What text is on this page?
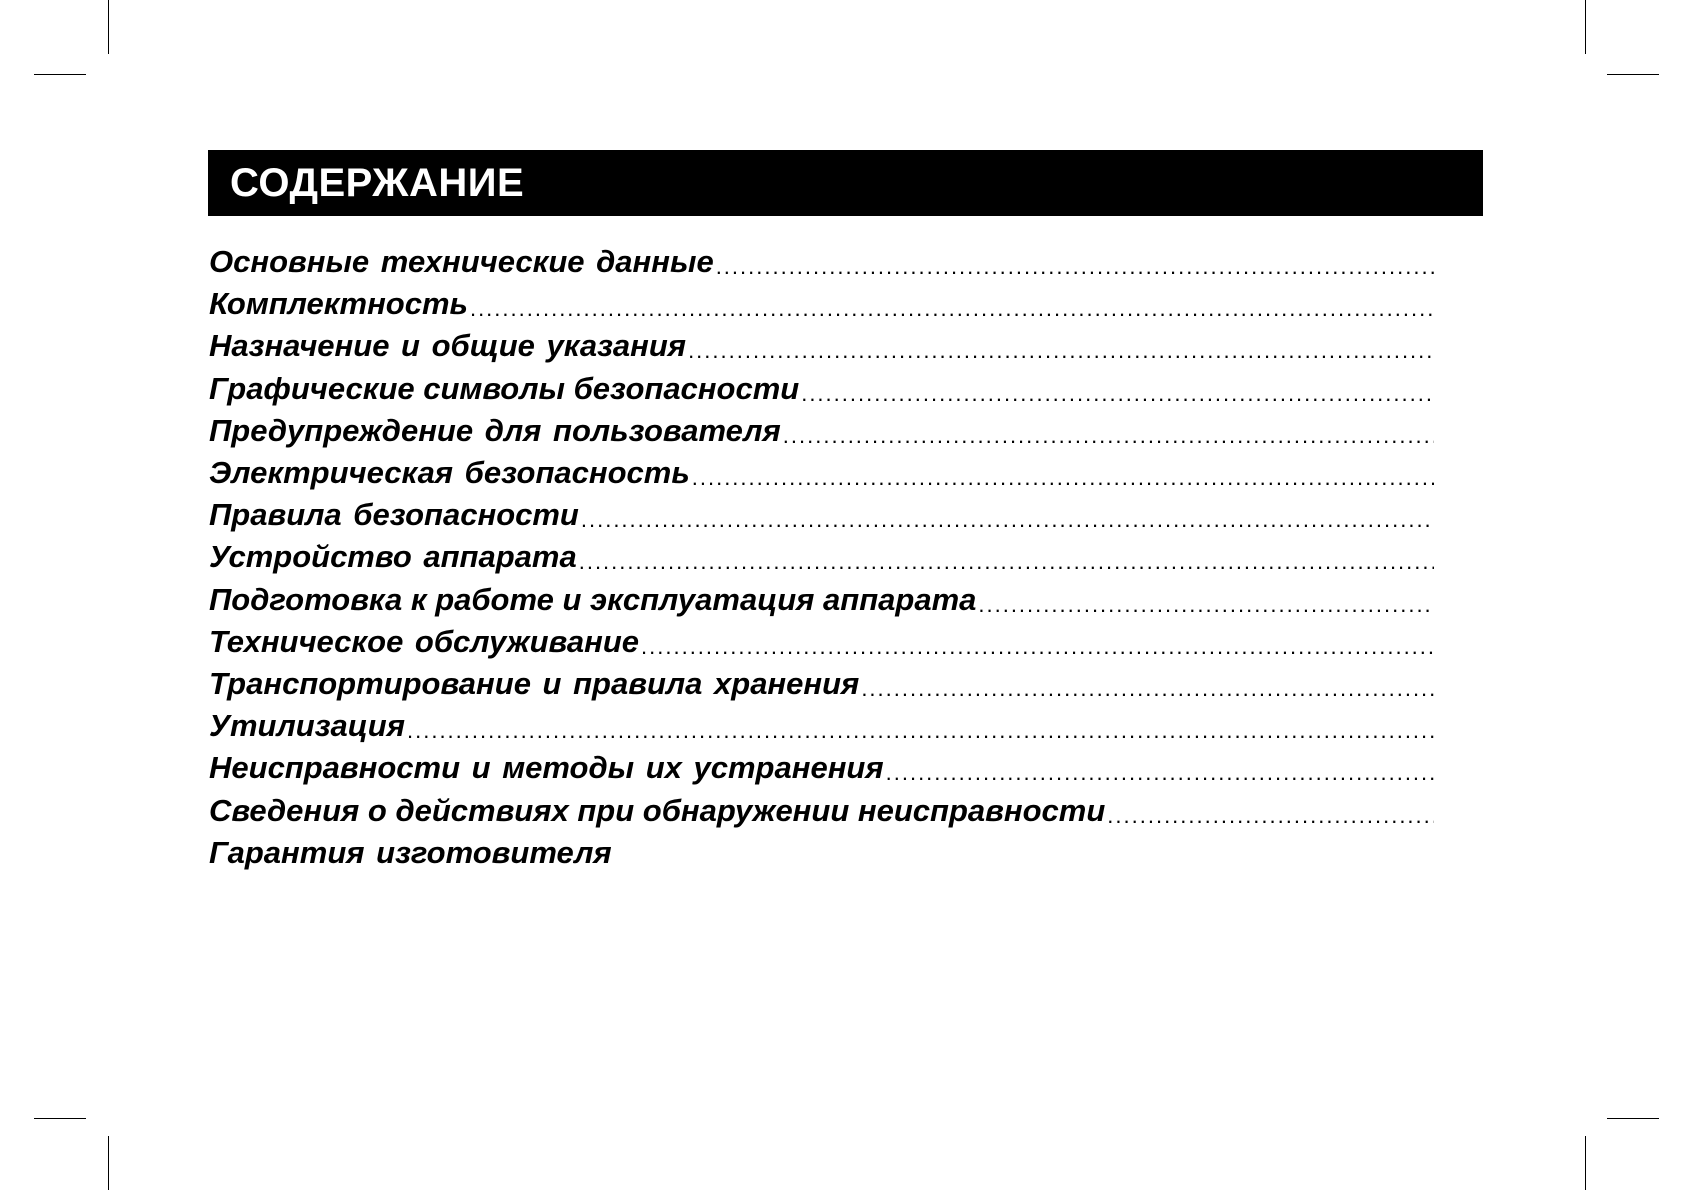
СОДЕРЖАНИЕ
Основные технические данные
.....
Комплектность
.....
Назначение и общие указания
.....
Графические символы безопасности
.....
Предупреждение для пользователя
.....
Электрическая безопасность
.....
Правила безопасности
.....
Устройство аппарата
.....
Подготовка к работе и эксплуатация аппарата
.....
Техническое обслуживание
.....
Транспортирование и правила хранения
.....
Утилизация
.....
Неисправности и методы их устранения
.....
Сведения о действиях при обнаружении неисправности
.....
Гарантия изготовителя
